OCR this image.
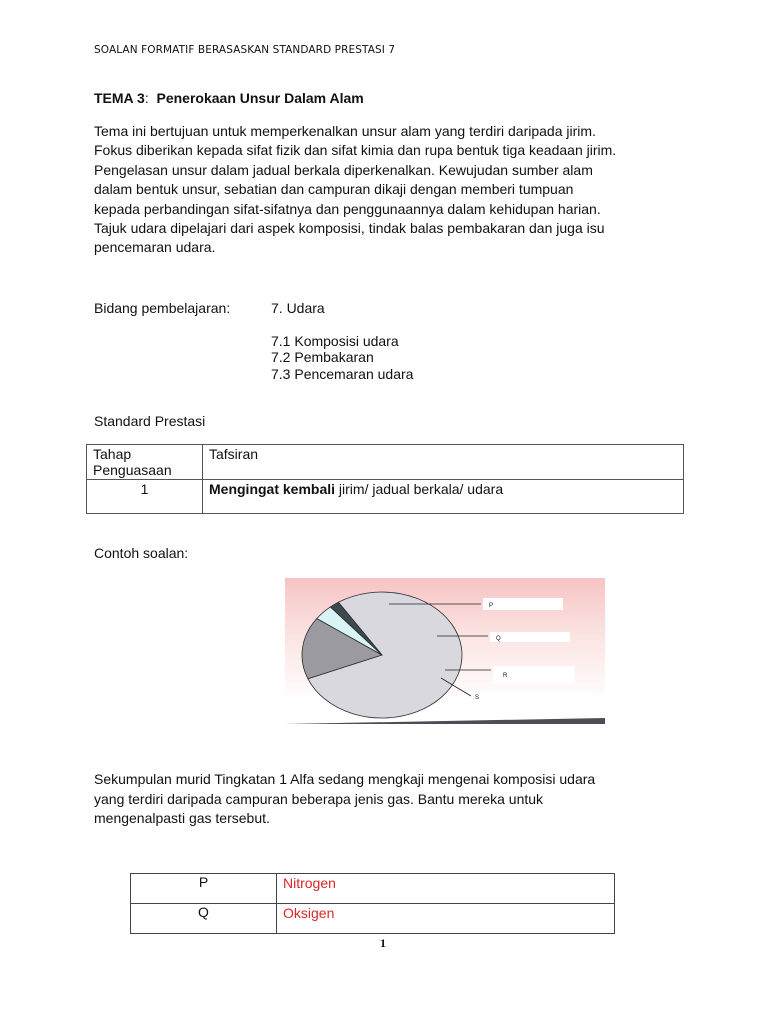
SOALAN FORMATIF BERASASKAN STANDARD PRESTASI 7
TEMA 3: Penerokaan Unsur Dalam Alam

Tema ini bertujuan untuk memperkenalkan unsur alam yang terdiri daripada jirim.
Fokus diberikan kepada sifat fizik dan sifat kimia dan rupa bentuk tiga keadaan jirim.
Pengelasan unsur dalam jadual berkala diperkenalkan. Kewujudan sumber alam
dalam bentuk unsur, sebatian dan campuran dikaji dengan memberi tumpuan
kepada perbandingan sifat-sifatnya dan penggunaannya dalam kehidupan harian.
Tajuk udara dipelajari dari aspek komposisi, tindak balas pembakaran dan juga isu
pencemaran udara.

Bidang pembelajaran:	7. Udara
7.1 Komposisi udara
7.2 Pembakaran
7.3 Pencemaran udara
Standard Prestasi
Tahap Penguasaan	Tafsiran
1	Mengingat kembali jirim/ jadual berkala/ udara
Contoh soalan:
P
Q
R
S
Sekumpulan murid Tingkatan 1 Alfa sedang mengkaji mengenai komposisi udara
yang terdiri daripada campuran beberapa jenis gas. Bantu mereka untuk
mengenalpasti gas tersebut.
P	Nitrogen
Q	Oksigen
1
